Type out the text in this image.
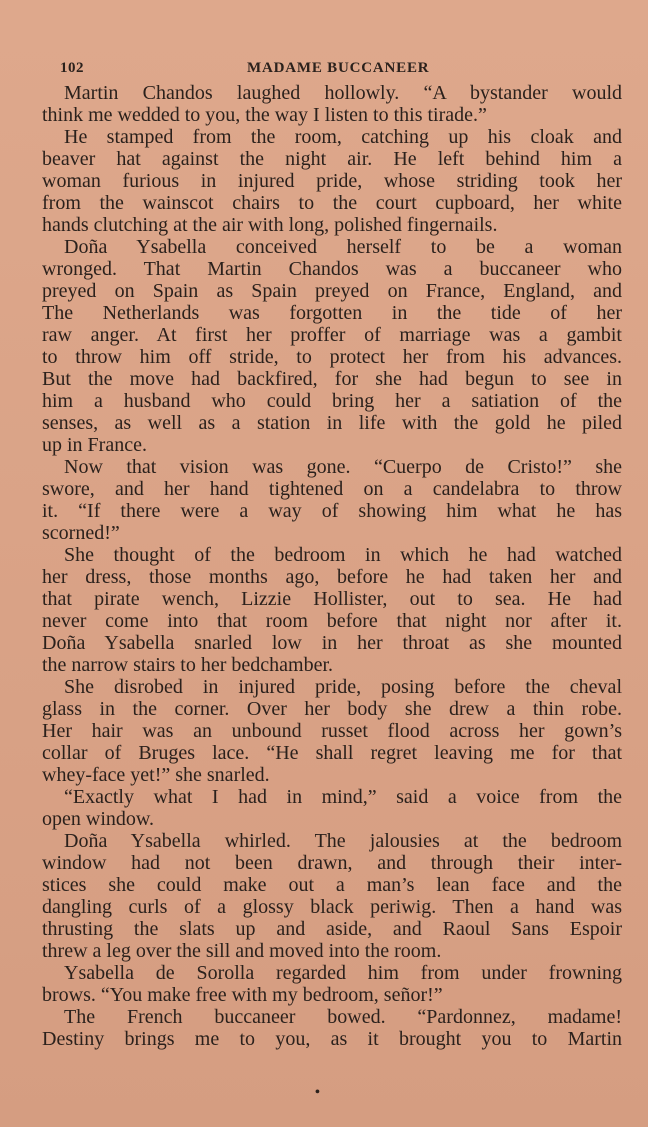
102	MADAME BUCCANEER
Martin Chandos laughed hollowly. “A bystander would
think me wedded to you, the way I listen to this tirade.”
He stamped from the room, catching up his cloak and
beaver hat against the night air. He left behind him a
woman furious in injured pride, whose striding took her
from the wainscot chairs to the court cupboard, her white
hands clutching at the air with long, polished fingernails.
Doña Ysabella conceived herself to be a woman
wronged. That Martin Chandos was a buccaneer who
preyed on Spain as Spain preyed on France, England, and
The Netherlands was forgotten in the tide of her
raw anger. At first her proffer of marriage was a gambit
to throw him off stride, to protect her from his advances.
But the move had backfired, for she had begun to see in
him a husband who could bring her a satiation of the
senses, as well as a station in life with the gold he piled
up in France.
Now that vision was gone. “Cuerpo de Cristo!” she
swore, and her hand tightened on a candelabra to throw
it. “If there were a way of showing him what he has
scorned!”
She thought of the bedroom in which he had watched
her dress, those months ago, before he had taken her and
that pirate wench, Lizzie Hollister, out to sea. He had
never come into that room before that night nor after it.
Doña Ysabella snarled low in her throat as she mounted
the narrow stairs to her bedchamber.
She disrobed in injured pride, posing before the cheval
glass in the corner. Over her body she drew a thin robe.
Her hair was an unbound russet flood across her gown’s
collar of Bruges lace. “He shall regret leaving me for that
whey-face yet!” she snarled.
“Exactly what I had in mind,” said a voice from the
open window.
Doña Ysabella whirled. The jalousies at the bedroom
window had not been drawn, and through their inter-
stices she could make out a man’s lean face and the
dangling curls of a glossy black periwig. Then a hand was
thrusting the slats up and aside, and Raoul Sans Espoir
threw a leg over the sill and moved into the room.
Ysabella de Sorolla regarded him from under frowning
brows. “You make free with my bedroom, señor!”
The French buccaneer bowed. “Pardonnez, madame!
Destiny brings me to you, as it brought you to Martin
•
